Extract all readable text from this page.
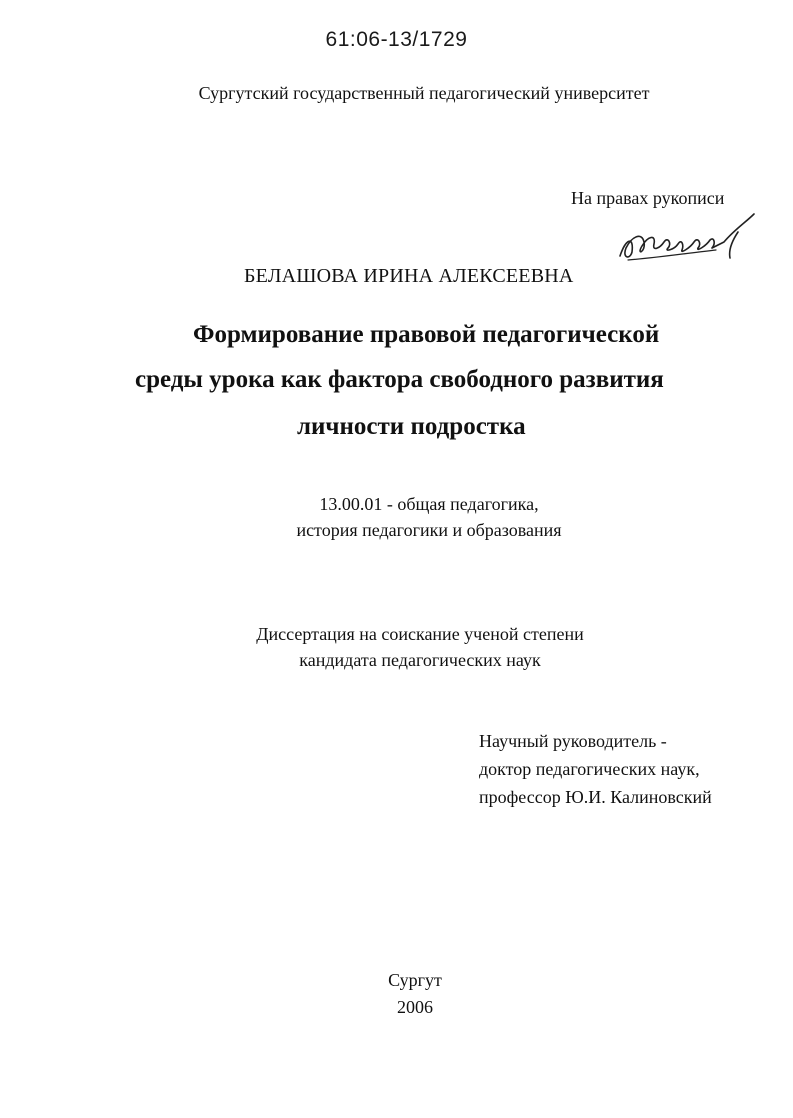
61:06-13/1729
Сургутский государственный педагогический университет
На правах рукописи
БЕЛАШОВА ИРИНА АЛЕКСЕЕВНА
Формирование правовой педагогической
среды урока как фактора свободного развития
личности подростка
13.00.01 - общая педагогика,
история педагогики и образования
Диссертация на соискание ученой степени
кандидата педагогических наук
Научный руководитель -
доктор педагогических наук,
профессор Ю.И. Калиновский
Сургут
2006
